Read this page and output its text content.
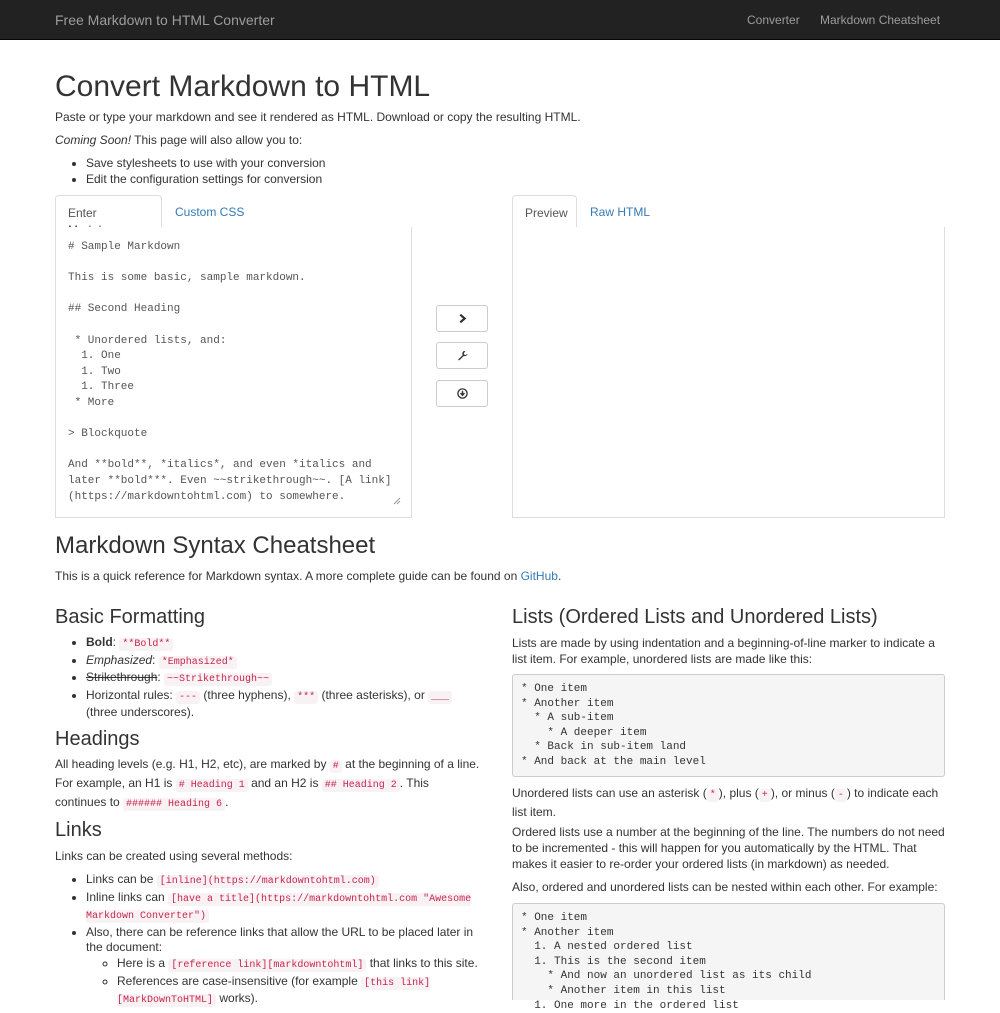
Free Markdown to HTML Converter	Converter Markdown Cheatsheet
Convert Markdown to HTML

Paste or type your markdown and see it rendered as HTML. Download or copy the resulting HTML.

Coming Soon! This page will also allow you to:

• Save stylesheets to use with your conversion
• Edit the configuration settings for conversion
Enter	Custom CSS
# Sample Markdown This is some basic, sample markdown. ## Second Heading * Unordered lists, and: 1. One 1. Two 1. Three * More > Blockquote And **bold**, *italics*, and even *italics and later **bold***. Even ~~strikethrough~~. [A link] (https://markdowntohtml.com) to somewhere.	Preview	Raw HTML
Markdown Syntax Cheatsheet

This is a quick reference for Markdown syntax. A more complete guide can be found on GitHub.

Basic Formatting
• Bold: **Bold**
• Emphasized: *Emphasized*
• Strikethrough: ~~Strikethrough~~
• Horizontal rules: --- (three hyphens), *** (three asterisks), or ___ (three underscores).
Headings

All heading levels (e.g. H1, H2, etc), are marked by # at the beginning of a line. For example, an H1 is # Heading 1 and an H2 is ## Heading 2 . This continues to ###### Heading 6 .

Links

Links can be created using several methods:

• Links can be [inline](https://markdowntohtml.com)
• Inline links can [have a title](https://markdowntohtml.com "Awesome Markdown Converter")
• Also, there can be reference links that allow the URL to be placed later in the document:
◦ Here is a [reference link][markdowntohtml] that links to this site.
◦ References are case-insensitive (for example [this link][MarkDownToHTML] works).
Lists (Ordered Lists and Unordered Lists)

Lists are made by using indentation and a beginning-of-line marker to indicate a list item. For example, unordered lists are made like this:

* One item
* Another item
* A sub-item
* A deeper item
* Back in sub-item land
* And back at the main level

Unordered lists can use an asterisk ( * ), plus ( + ), or minus ( - ) to indicate each list item.

Ordered lists use a number at the beginning of the line. The numbers do not need to be incremented - this will happen for you automatically by the HTML. That makes it easier to re-order your ordered lists (in markdown) as needed.

Also, ordered and unordered lists can be nested within each other. For example:

* One item
* Another item
1. A nested ordered list
1. This is the second item
* And now an unordered list as its child
* Another item in this list
1. One more in the ordered list
